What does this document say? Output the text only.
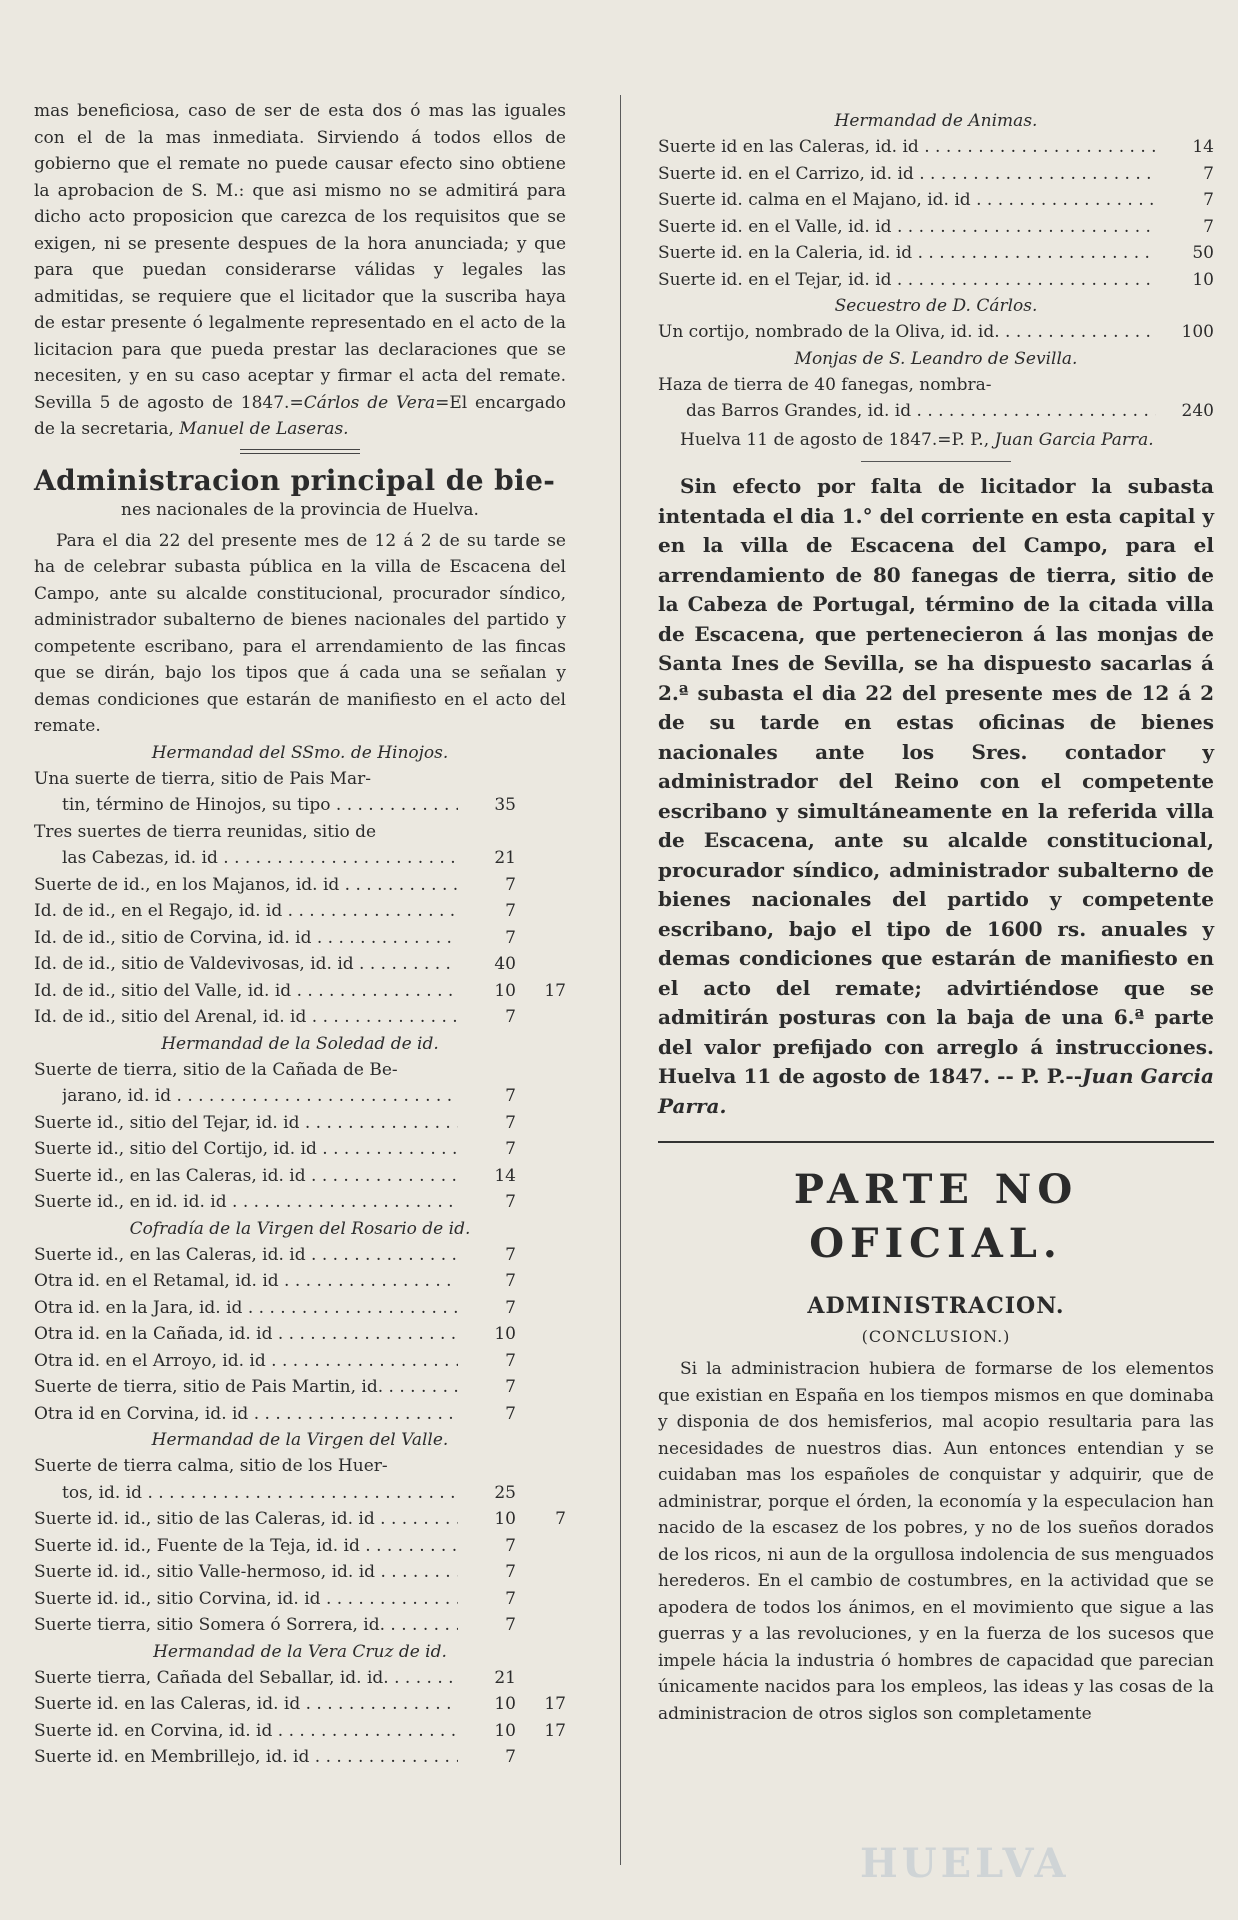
mas beneficiosa, caso de ser de esta dos ó mas las iguales con el de la mas inmediata. Sirviendo á todos ellos de gobierno que el remate no puede causar efecto sino obtiene la aprobacion de S. M.: que asi mismo no se admitirá para dicho acto proposicion que carezca de los requisitos que se exigen, ni se presente despues de la hora anunciada; y que para que puedan considerarse válidas y legales las admitidas, se requiere que el licitador que la suscriba haya de estar presente ó legalmente representado en el acto de la licitacion para que pueda prestar las declaraciones que se necesiten, y en su caso aceptar y firmar el acta del remate. Sevilla 5 de agosto de 1847.=Cárlos de Vera=El encargado de la secretaria, Manuel de Laseras.

Administracion principal de bie-
nes nacionales de la provincia de Huelva.

Para el dia 22 del presente mes de 12 á 2 de su tarde se ha de celebrar subasta pública en la villa de Escacena del Campo, ante su alcalde constitucional, procurador síndico, administrador subalterno de bienes nacionales del partido y competente escribano, para el arrendamiento de las fincas que se dirán, bajo los tipos que á cada una se señalan y demas condiciones que estarán de manifiesto en el acto del remate.

Hermandad del SSmo. de Hinojos.
Una suerte de tierra, sitio de Pais Mar-
tin, término de Hinojos, su tipo . . .	35
Tres suertes de tierra reunidas, sitio de
las Cabezas, id. id . . .	21
Suerte de id., en los Majanos, id. id . . .	7
Id. de id., en el Regajo, id. id . . .	7
Id. de id., sitio de Corvina, id. id . . .	7
Id. de id., sitio de Valdevivosas, id. id . . .	40
Id. de id., sitio del Valle, id. id . . .	10	17
Id. de id., sitio del Arenal, id. id . . .	7
Hermandad de la Soledad de id.
Suerte de tierra, sitio de la Cañada de Be-
jarano, id. id . . .	7
Suerte id., sitio del Tejar, id. id . . .	7
Suerte id., sitio del Cortijo, id. id . . .	7
Suerte id., en las Caleras, id. id . . .	14
Suerte id., en id. id. id . . .	7
Cofradía de la Virgen del Rosario de id.
Suerte id., en las Caleras, id. id . . .	7
Otra id. en el Retamal, id. id . . .	7
Otra id. en la Jara, id. id . . .	7
Otra id. en la Cañada, id. id . . .	10
Otra id. en el Arroyo, id. id . . .	7
Suerte de tierra, sitio de Pais Martin, id. . . .	7
Otra id en Corvina, id. id . . .	7
Hermandad de la Virgen del Valle.
Suerte de tierra calma, sitio de los Huer-
tos, id. id . . .	25
Suerte id. id., sitio de las Caleras, id. id . . .	10	7
Suerte id. id., Fuente de la Teja, id. id . . .	7
Suerte id. id., sitio Valle-hermoso, id. id . . .	7
Suerte id. id., sitio Corvina, id. id . . .	7
Suerte tierra, sitio Somera ó Sorrera, id. . . .	7
Hermandad de la Vera Cruz de id.
Suerte tierra, Cañada del Seballar, id. id. . . .	21
Suerte id. en las Caleras, id. id . . .	10	17
Suerte id. en Corvina, id. id . . .	10	17
Suerte id. en Membrillejo, id. id . . .	7
Hermandad de Animas.
Suerte id en las Caleras, id. id . . .	14
Suerte id. en el Carrizo, id. id . . .	7
Suerte id. calma en el Majano, id. id . . .	7
Suerte id. en el Valle, id. id . . .	7
Suerte id. en la Caleria, id. id . . .	50
Suerte id. en el Tejar, id. id . . .	10
Secuestro de D. Cárlos.
Un cortijo, nombrado de la Oliva, id. id. . . .	100
Monjas de S. Leandro de Sevilla.
Haza de tierra de 40 fanegas, nombra-
das Barros Grandes, id. id . . .	240

Huelva 11 de agosto de 1847.=P. P., Juan Garcia Parra.

Sin efecto por falta de licitador la subasta intentada el dia 1.° del corriente en esta capital y en la villa de Escacena del Campo, para el arrendamiento de 80 fanegas de tierra, sitio de la Cabeza de Portugal, término de la citada villa de Escacena, que pertenecieron á las monjas de Santa Ines de Sevilla, se ha dispuesto sacarlas á 2.ª subasta el dia 22 del presente mes de 12 á 2 de su tarde en estas oficinas de bienes nacionales ante los Sres. contador y administrador del Reino con el competente escribano y simultáneamente en la referida villa de Escacena, ante su alcalde constitucional, procurador síndico, administrador subalterno de bienes nacionales del partido y competente escribano, bajo el tipo de 1600 rs. anuales y demas condiciones que estarán de manifiesto en el acto del remate; advirtiéndose que se admitirán posturas con la baja de una 6.ª parte del valor prefijado con arreglo á instrucciones. Huelva 11 de agosto de 1847. -- P. P.--Juan Garcia Parra.

PARTE NO OFICIAL.
ADMINISTRACION.
(CONCLUSION.)

Si la administracion hubiera de formarse de los elementos que existian en España en los tiempos mismos en que dominaba y disponia de dos hemisferios, mal acopio resultaria para las necesidades de nuestros dias. Aun entonces entendian y se cuidaban mas los españoles de conquistar y adquirir, que de administrar, porque el órden, la economía y la especulacion han nacido de la escasez de los pobres, y no de los sueños dorados de los ricos, ni aun de la orgullosa indolencia de sus menguados herederos. En el cambio de costumbres, en la actividad que se apodera de todos los ánimos, en el movimiento que sigue a las guerras y a las revoluciones, y en la fuerza de los sucesos que impele hácia la industria ó hombres de capacidad que parecian únicamente nacidos para los empleos, las ideas y las cosas de la administracion de otros siglos son completamente

HUELVA
